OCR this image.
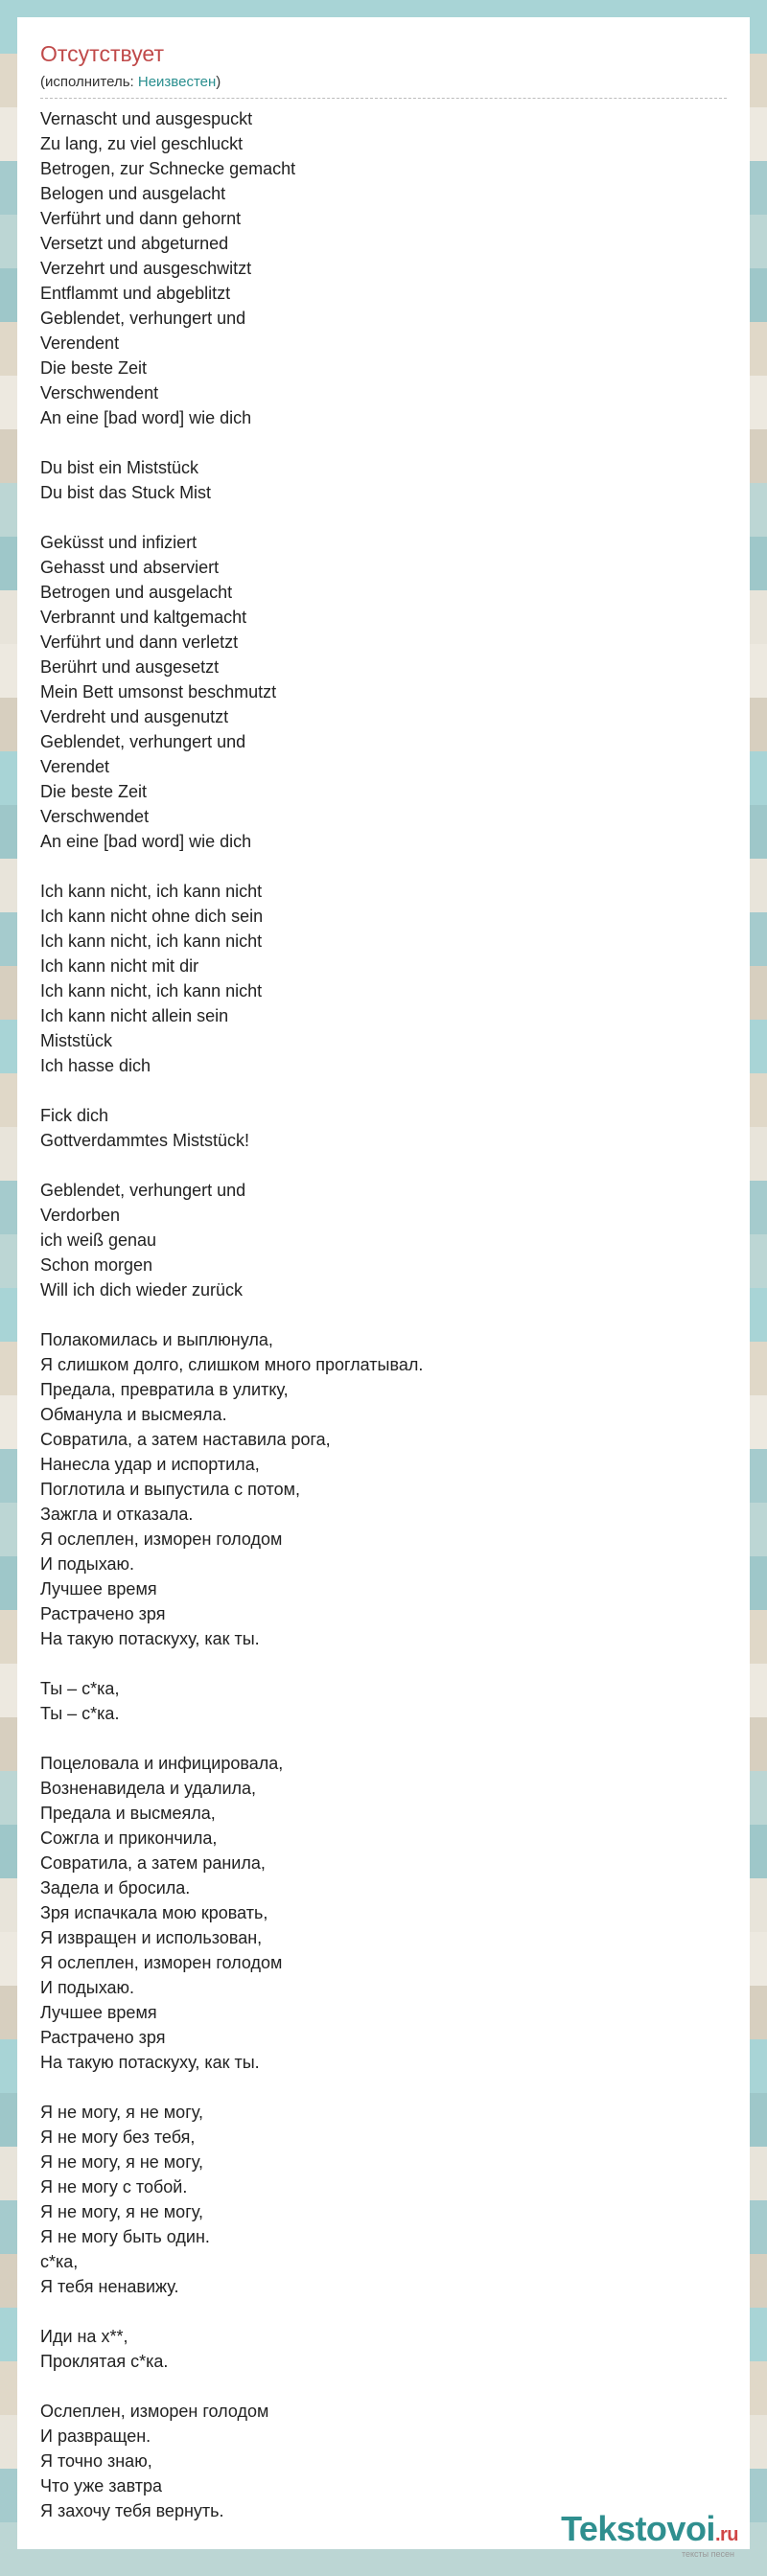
Отсутствует
(исполнитель: Неизвестен)
Vernascht und ausgespuckt
Zu lang, zu viel geschluckt
Betrogen, zur Schnecke gemacht
Belogen und ausgelacht
Verführt und dann gehornt
Versetzt und abgeturned
Verzehrt und ausgeschwitzt
Entflammt und abgeblitzt
Geblendet, verhungert und
Verendent
Die beste Zeit
Verschwendent
An eine [bad word] wie dich
Du bist ein Miststück
Du bist das Stuck Mist
Geküsst und infiziert
Gehasst und abserviert
Betrogen und ausgelacht
Verbrannt und kaltgemacht
Verführt und dann verletzt
Berührt und ausgesetzt
Mein Bett umsonst beschmutzt
Verdreht und ausgenutzt
Geblendet, verhungert und
Verendet
Die beste Zeit
Verschwendet
An eine [bad word] wie dich
Ich kann nicht, ich kann nicht
Ich kann nicht ohne dich sein
Ich kann nicht, ich kann nicht
Ich kann nicht mit dir
Ich kann nicht, ich kann nicht
Ich kann nicht allein sein
Miststück
Ich hasse dich
Fick dich
Gottverdammtes Miststück!
Geblendet, verhungert und
Verdorben
ich weiß genau
Schon morgen
Will ich dich wieder zurück
Полакомилась и выплюнула,
Я слишком долго, слишком много проглатывал.
Предала, превратила в улитку,
Обманула и высмеяла.
Совратила, а затем наставила рога,
Нанесла удар и испортила,
Поглотила и выпустила с потом,
Зажгла и отказала.
Я ослеплен, изморен голодом
И подыхаю.
Лучшее время
Растрачено зря
На такую потаскуху, как ты.
Ты – с*ка,
Ты – с*ка.
Поцеловала и инфицировала,
Возненавидела и удалила,
Предала и высмеяла,
Сожгла и прикончила,
Совратила, а затем ранила,
Задела и бросила.
Зря испачкала мою кровать,
Я извращен и использован,
Я ослеплен, изморен голодом
И подыхаю.
Лучшее время
Растрачено зря
На такую потаскуху, как ты.
Я не могу, я не могу,
Я не могу без тебя,
Я не могу, я не могу,
Я не могу с тобой.
Я не могу, я не могу,
Я не могу быть один.
с*ка,
Я тебя ненавижу.
Иди на х**,
Проклятая с*ка.
Ослеплен, изморен голодом
И развращен.
Я точно знаю,
Что уже завтра
Я захочу тебя вернуть.	Tekstovoi.ru
тексты песен
